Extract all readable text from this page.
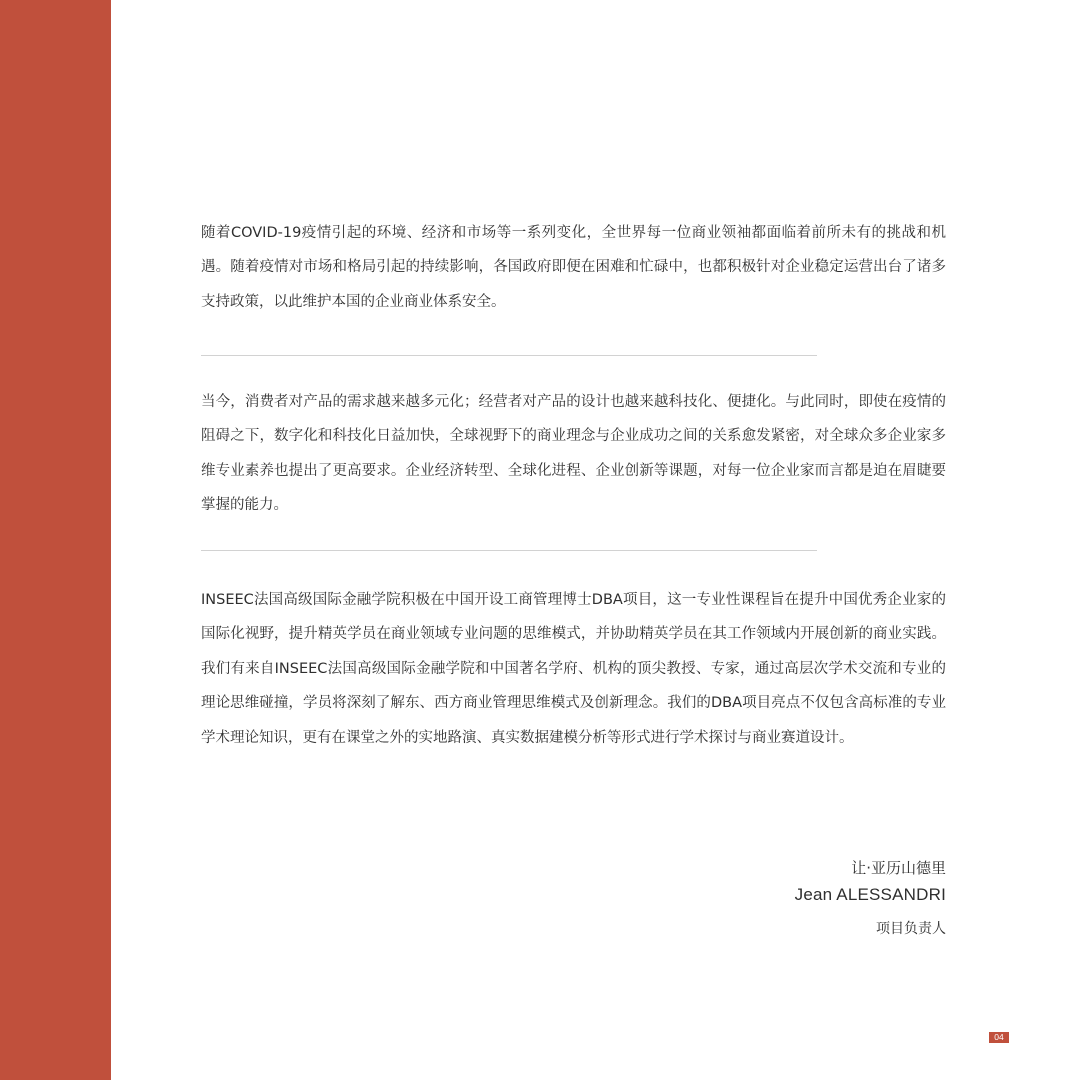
随着COVID-19疫情引起的环境、经济和市场等一系列变化，全世界每一位商业领袖都面临着前所未有的挑战和机遇。随着疫情对市场和格局引起的持续影响，各国政府即便在困难和忙碌中，也都积极针对企业稳定运营出台了诸多支持政策，以此维护本国的企业商业体系安全。

当今，消费者对产品的需求越来越多元化；经营者对产品的设计也越来越科技化、便捷化。与此同时，即使在疫情的阻碍之下，数字化和科技化日益加快，全球视野下的商业理念与企业成功之间的关系愈发紧密，对全球众多企业家多维专业素养也提出了更高要求。企业经济转型、全球化进程、企业创新等课题，对每一位企业家而言都是迫在眉睫要掌握的能力。

INSEEC法国高级国际金融学院积极在中国开设工商管理博士DBA项目，这一专业性课程旨在提升中国优秀企业家的国际化视野，提升精英学员在商业领域专业问题的思维模式，并协助精英学员在其工作领域内开展创新的商业实践。我们有来自INSEEC法国高级国际金融学院和中国著名学府、机构的顶尖教授、专家，通过高层次学术交流和专业的理论思维碰撞，学员将深刻了解东、西方商业管理思维模式及创新理念。我们的DBA项目亮点不仅包含高标准的专业学术理论知识，更有在课堂之外的实地路演、真实数据建模分析等形式进行学术探讨与商业赛道设计。

让·亚历山德里

Jean ALESSANDRI

项目负责人

04
